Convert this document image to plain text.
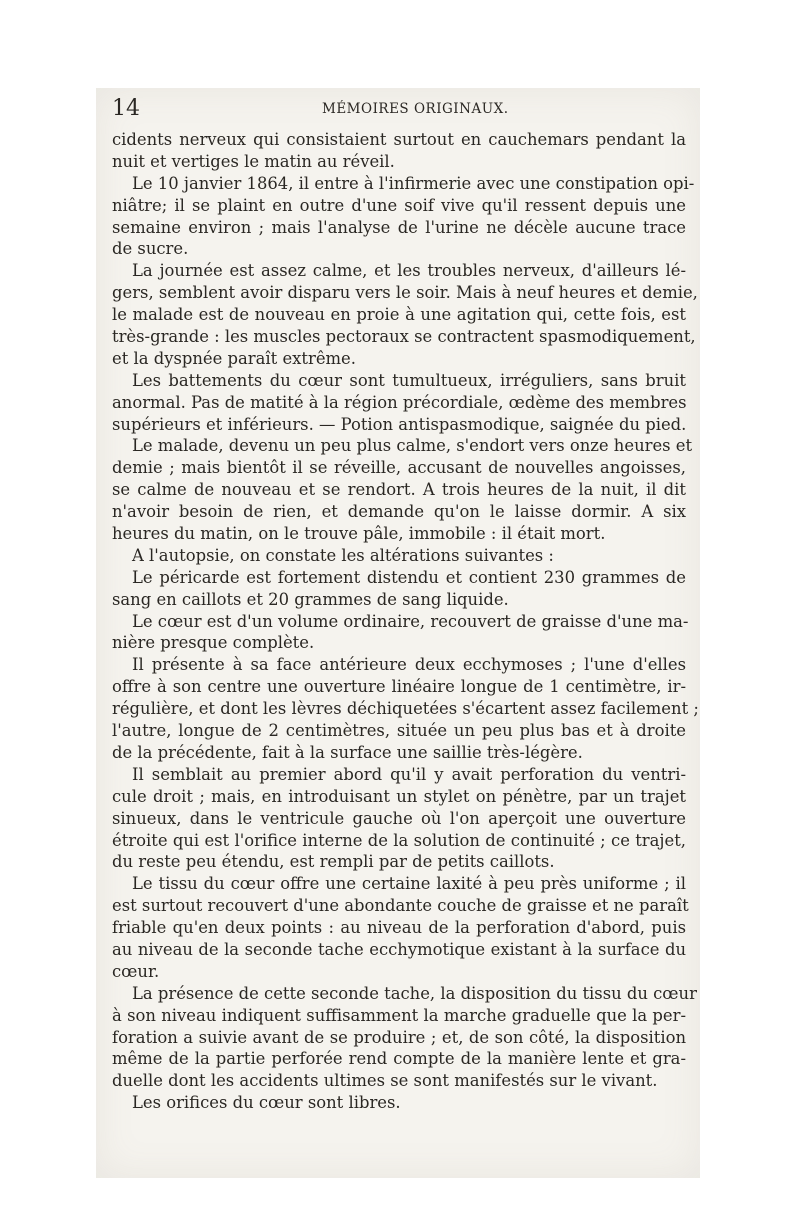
14	MÉMOIRES ORIGINAUX.
cidents nerveux qui consistaient surtout en cauchemars pendant la
nuit et vertiges le matin au réveil.
Le 10 janvier 1864, il entre à l'infirmerie avec une constipation opi-
niâtre; il se plaint en outre d'une soif vive qu'il ressent depuis une
semaine environ ; mais l'analyse de l'urine ne décèle aucune trace
de sucre.
La journée est assez calme, et les troubles nerveux, d'ailleurs lé-
gers, semblent avoir disparu vers le soir. Mais à neuf heures et demie,
le malade est de nouveau en proie à une agitation qui, cette fois, est
très-grande : les muscles pectoraux se contractent spasmodiquement,
et la dyspnée paraît extrême.
Les battements du cœur sont tumultueux, irréguliers, sans bruit
anormal. Pas de matité à la région précordiale, œdème des membres
supérieurs et inférieurs. — Potion antispasmodique, saignée du pied.
Le malade, devenu un peu plus calme, s'endort vers onze heures et
demie ; mais bientôt il se réveille, accusant de nouvelles angoisses,
se calme de nouveau et se rendort. A trois heures de la nuit, il dit
n'avoir besoin de rien, et demande qu'on le laisse dormir. A six
heures du matin, on le trouve pâle, immobile : il était mort.
A l'autopsie, on constate les altérations suivantes :
Le péricarde est fortement distendu et contient 230 grammes de
sang en caillots et 20 grammes de sang liquide.
Le cœur est d'un volume ordinaire, recouvert de graisse d'une ma-
nière presque complète.
Il présente à sa face antérieure deux ecchymoses ; l'une d'elles
offre à son centre une ouverture linéaire longue de 1 centimètre, ir-
régulière, et dont les lèvres déchiquetées s'écartent assez facilement ;
l'autre, longue de 2 centimètres, située un peu plus bas et à droite
de la précédente, fait à la surface une saillie très-légère.
Il semblait au premier abord qu'il y avait perforation du ventri-
cule droit ; mais, en introduisant un stylet on pénètre, par un trajet
sinueux, dans le ventricule gauche où l'on aperçoit une ouverture
étroite qui est l'orifice interne de la solution de continuité ; ce trajet,
du reste peu étendu, est rempli par de petits caillots.
Le tissu du cœur offre une certaine laxité à peu près uniforme ; il
est surtout recouvert d'une abondante couche de graisse et ne paraît
friable qu'en deux points : au niveau de la perforation d'abord, puis
au niveau de la seconde tache ecchymotique existant à la surface du
cœur.
La présence de cette seconde tache, la disposition du tissu du cœur
à son niveau indiquent suffisamment la marche graduelle que la per-
foration a suivie avant de se produire ; et, de son côté, la disposition
même de la partie perforée rend compte de la manière lente et gra-
duelle dont les accidents ultimes se sont manifestés sur le vivant.
Les orifices du cœur sont libres.
